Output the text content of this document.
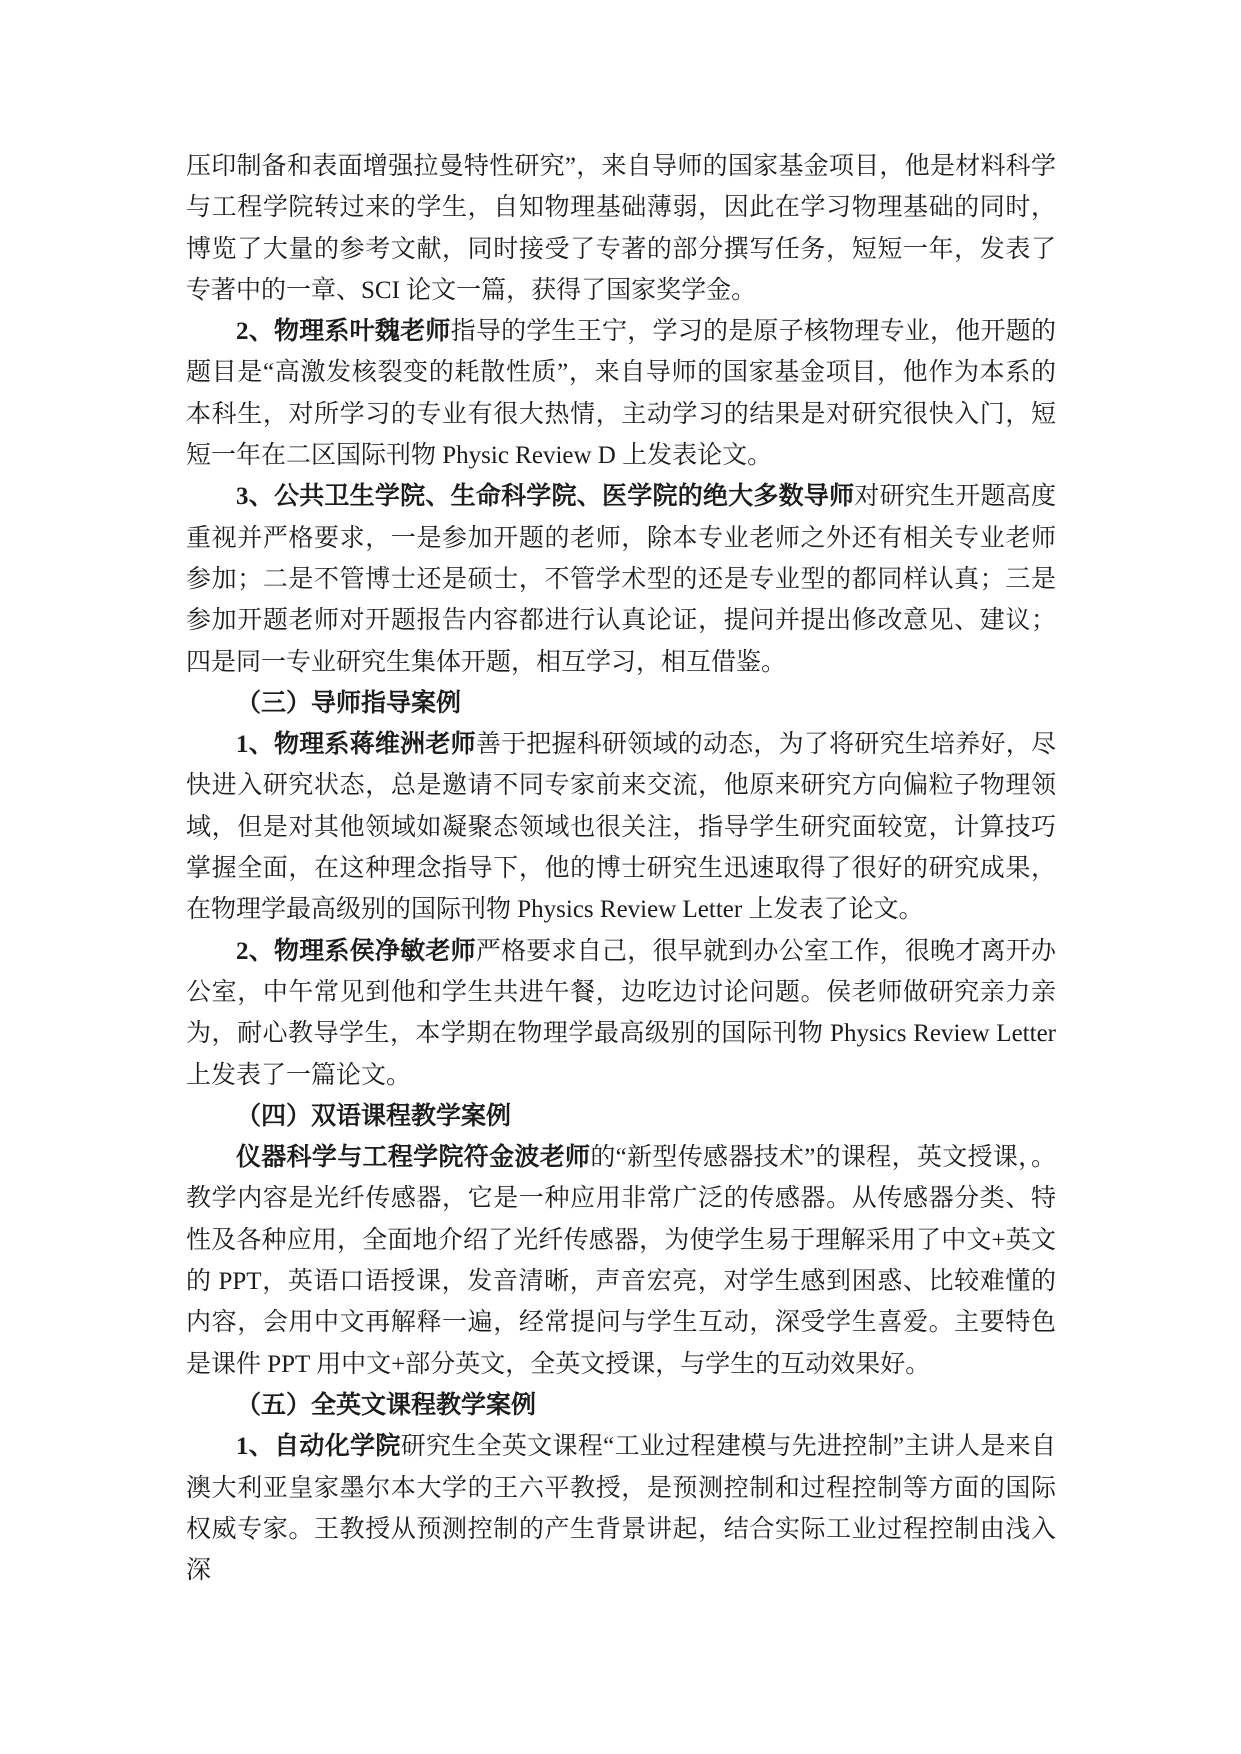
压印制备和表面增强拉曼特性研究”，来自导师的国家基金项目，他是材料科学与工程学院转过来的学生，自知物理基础薄弱，因此在学习物理基础的同时，博览了大量的参考文献，同时接受了专著的部分撰写任务，短短一年，发表了专著中的一章、SCI 论文一篇，获得了国家奖学金。

2、物理系叶魏老师指导的学生王宁，学习的是原子核物理专业，他开题的题目是“高激发核裂变的耗散性质”，来自导师的国家基金项目，他作为本系的本科生，对所学习的专业有很大热情，主动学习的结果是对研究很快入门，短短一年在二区国际刊物 Physic Review D 上发表论文。

3、公共卫生学院、生命科学院、医学院的绝大多数导师对研究生开题高度重视并严格要求，一是参加开题的老师，除本专业老师之外还有相关专业老师参加；二是不管博士还是硕士，不管学术型的还是专业型的都同样认真；三是参加开题老师对开题报告内容都进行认真论证，提问并提出修改意见、建议；四是同一专业研究生集体开题，相互学习，相互借鉴。

（三）导师指导案例

1、物理系蒋维洲老师善于把握科研领域的动态，为了将研究生培养好，尽快进入研究状态，总是邀请不同专家前来交流，他原来研究方向偏粒子物理领域，但是对其他领域如凝聚态领域也很关注，指导学生研究面较宽，计算技巧掌握全面，在这种理念指导下，他的博士研究生迅速取得了很好的研究成果，在物理学最高级别的国际刊物 Physics Review Letter 上发表了论文。

2、物理系侯净敏老师严格要求自己，很早就到办公室工作，很晚才离开办公室，中午常见到他和学生共进午餐，边吃边讨论问题。侯老师做研究亲力亲为，耐心教导学生，本学期在物理学最高级别的国际刊物 Physics Review Letter 上发表了一篇论文。

（四）双语课程教学案例

仪器科学与工程学院符金波老师的“新型传感器技术”的课程，英文授课，。教学内容是光纤传感器，它是一种应用非常广泛的传感器。从传感器分类、特性及各种应用，全面地介绍了光纤传感器，为使学生易于理解采用了中文+英文的 PPT，英语口语授课，发音清晰，声音宏亮，对学生感到困惑、比较难懂的内容，会用中文再解释一遍，经常提问与学生互动，深受学生喜爱。主要特色是课件 PPT 用中文+部分英文，全英文授课，与学生的互动效果好。

（五）全英文课程教学案例

1、自动化学院研究生全英文课程“工业过程建模与先进控制”主讲人是来自澳大利亚皇家墨尔本大学的王六平教授，是预测控制和过程控制等方面的国际权威专家。王教授从预测控制的产生背景讲起，结合实际工业过程控制由浅入深
